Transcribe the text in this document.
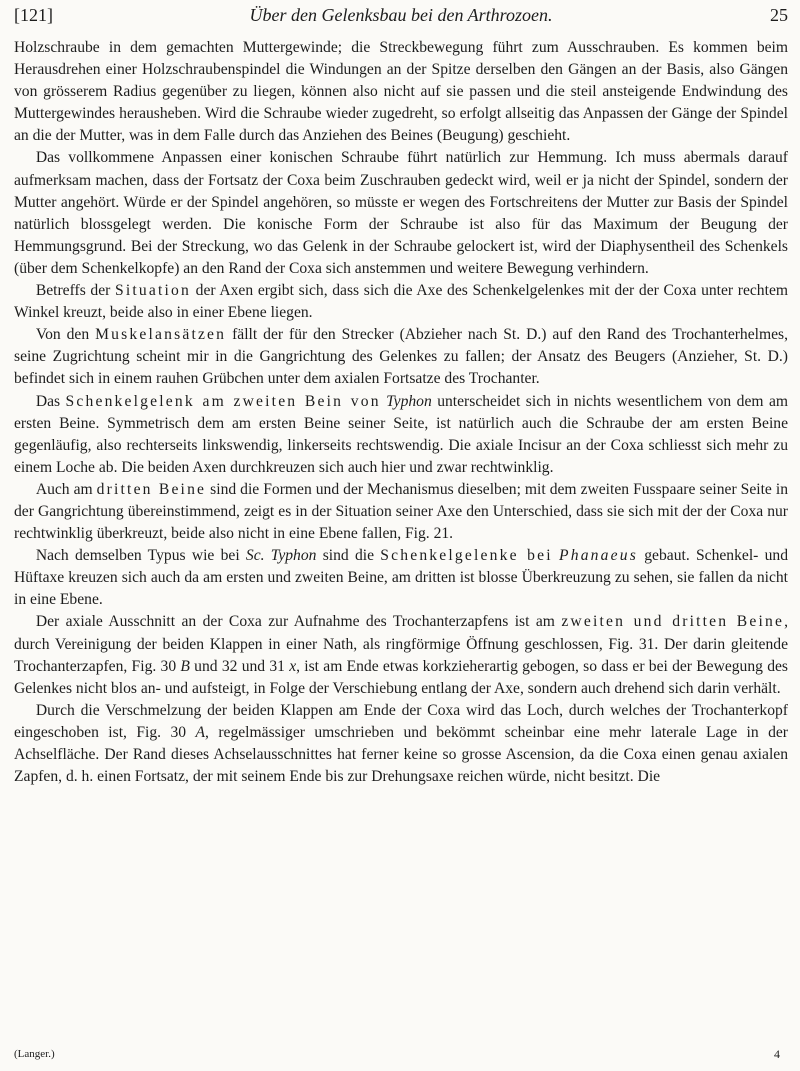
[121]	Über den Gelenksbau bei den Arthrozoen.	25

Holzschraube in dem gemachten Muttergewinde; die Streckbewegung führt zum Ausschrauben. Es kommen beim Herausdrehen einer Holzschraubenspindel die Windungen an der Spitze derselben den Gängen an der Basis, also Gängen von grösserem Radius gegenüber zu liegen, können also nicht auf sie passen und die steil ansteigende Endwindung des Muttergewindes herausheben. Wird die Schraube wieder zugedreht, so erfolgt allseitig das Anpassen der Gänge der Spindel an die der Mutter, was in dem Falle durch das Anziehen des Beines (Beugung) geschieht.

Das vollkommene Anpassen einer konischen Schraube führt natürlich zur Hemmung. Ich muss abermals darauf aufmerksam machen, dass der Fortsatz der Coxa beim Zuschrauben gedeckt wird, weil er ja nicht der Spindel, sondern der Mutter angehört. Würde er der Spindel angehören, so müsste er wegen des Fortschreitens der Mutter zur Basis der Spindel natürlich blossgelegt werden. Die konische Form der Schraube ist also für das Maximum der Beugung der Hemmungsgrund. Bei der Streckung, wo das Gelenk in der Schraube gelockert ist, wird der Diaphysentheil des Schenkels (über dem Schenkelkopfe) an den Rand der Coxa sich anstemmen und weitere Bewegung verhindern.

Betreffs der Situation der Axen ergibt sich, dass sich die Axe des Schenkelgelenkes mit der der Coxa unter rechtem Winkel kreuzt, beide also in einer Ebene liegen.

Von den Muskelansätzen fällt der für den Strecker (Abzieher nach St. D.) auf den Rand des Trochanterhelmes, seine Zugrichtung scheint mir in die Gangrichtung des Gelenkes zu fallen; der Ansatz des Beugers (Anzieher, St. D.) befindet sich in einem rauhen Grübchen unter dem axialen Fortsatze des Trochanter.

Das Schenkelgelenk am zweiten Bein von Typhon unterscheidet sich in nichts wesentlichem von dem am ersten Beine. Symmetrisch dem am ersten Beine seiner Seite, ist natürlich auch die Schraube der am ersten Beine gegenläufig, also rechterseits linkswendig, linkerseits rechtswendig. Die axiale Incisur an der Coxa schliesst sich mehr zu einem Loche ab. Die beiden Axen durchkreuzen sich auch hier und zwar rechtwinklig.

Auch am dritten Beine sind die Formen und der Mechanismus dieselben; mit dem zweiten Fusspaare seiner Seite in der Gangrichtung übereinstimmend, zeigt es in der Situation seiner Axe den Unterschied, dass sie sich mit der der Coxa nur rechtwinklig überkreuzt, beide also nicht in eine Ebene fallen, Fig. 21.

Nach demselben Typus wie bei Sc. Typhon sind die Schenkelgelenke bei Phanaeus gebaut. Schenkel- und Hüftaxe kreuzen sich auch da am ersten und zweiten Beine, am dritten ist blosse Überkreuzung zu sehen, sie fallen da nicht in eine Ebene.

Der axiale Ausschnitt an der Coxa zur Aufnahme des Trochanterzapfens ist am zweiten und dritten Beine, durch Vereinigung der beiden Klappen in einer Nath, als ringförmige Öffnung geschlossen, Fig. 31. Der darin gleitende Trochanterzapfen, Fig. 30 B und 32 und 31 x, ist am Ende etwas korkzieherartig gebogen, so dass er bei der Bewegung des Gelenkes nicht blos an- und aufsteigt, in Folge der Verschiebung entlang der Axe, sondern auch drehend sich darin verhält.

Durch die Verschmelzung der beiden Klappen am Ende der Coxa wird das Loch, durch welches der Trochanterkopf eingeschoben ist, Fig. 30 A, regelmässiger umschrieben und bekömmt scheinbar eine mehr laterale Lage in der Achselfläche. Der Rand dieses Achselausschnittes hat ferner keine so grosse Ascension, da die Coxa einen genau axialen Zapfen, d. h. einen Fortsatz, der mit seinem Ende bis zur Drehungsaxe reichen würde, nicht besitzt. Die

(Langer.)	4
